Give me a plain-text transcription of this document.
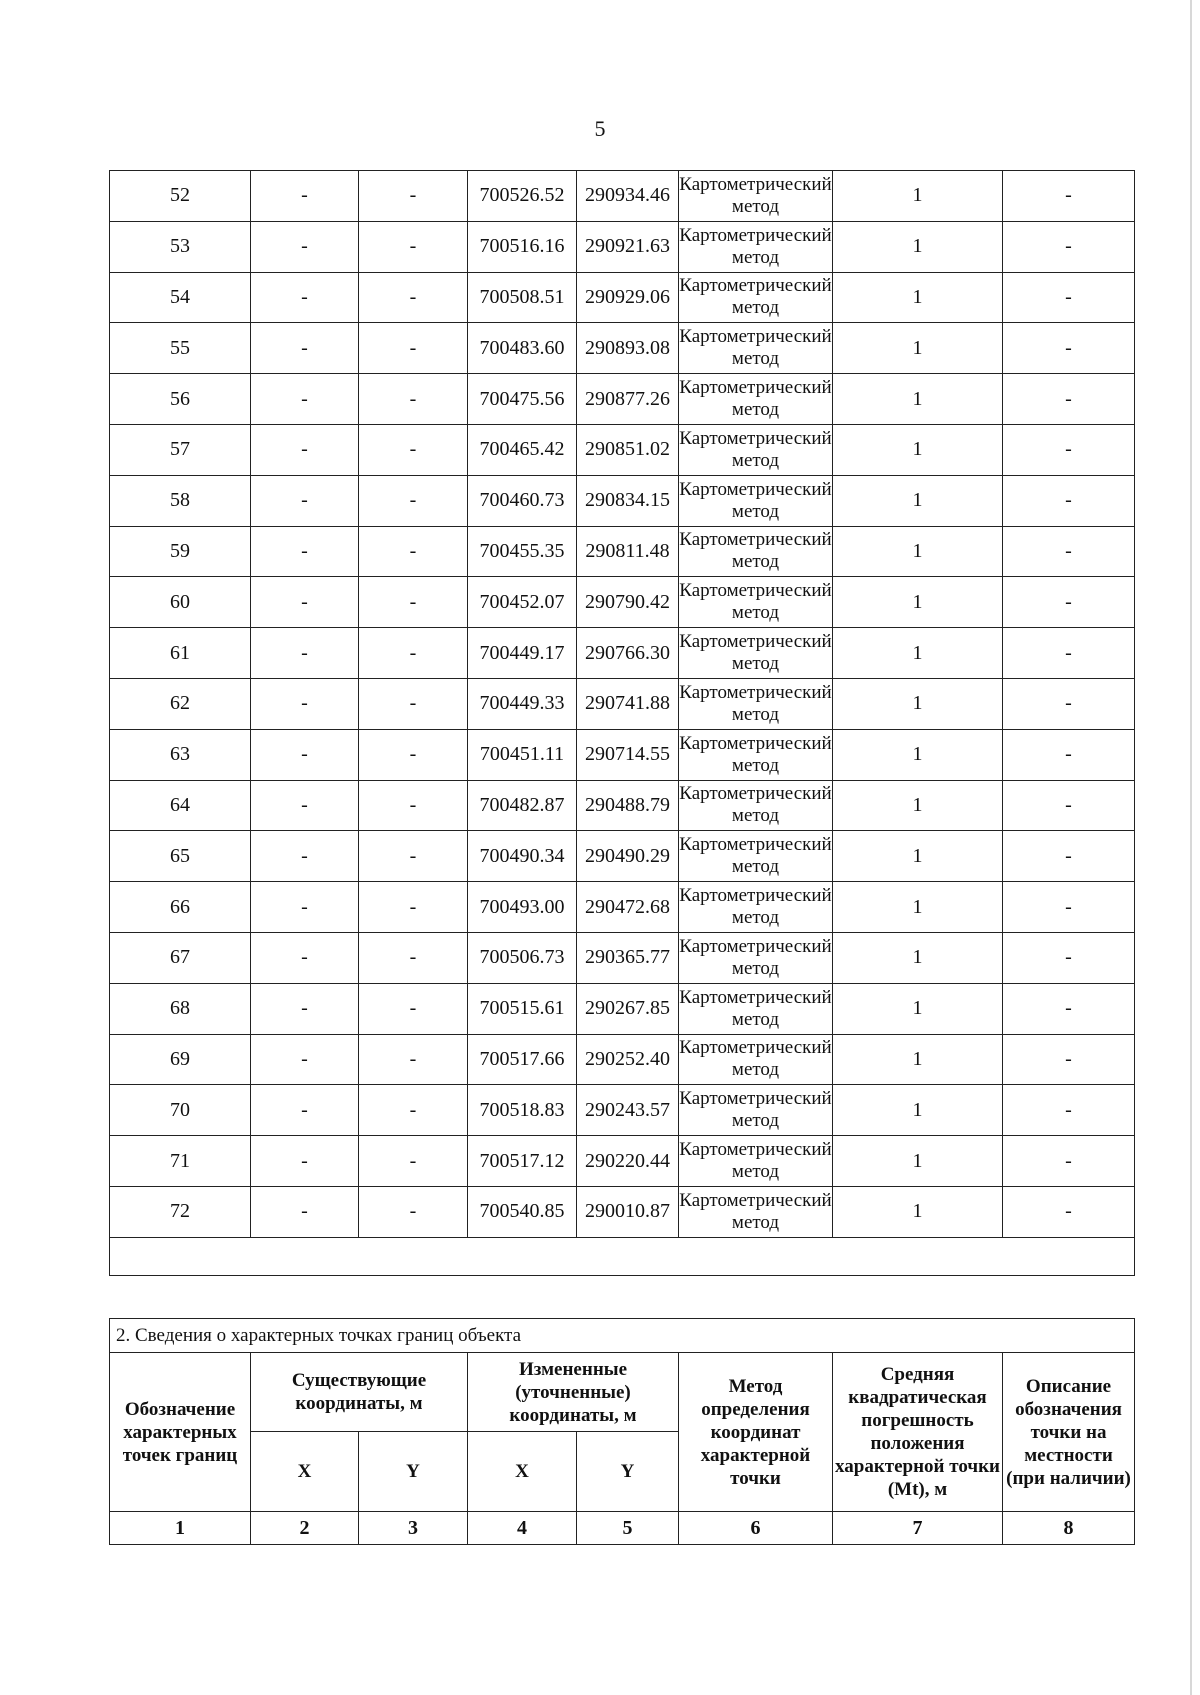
5
52	-	-	700526.52	290934.46	Картометрический метод	1	-
53	-	-	700516.16	290921.63	Картометрический метод	1	-
54	-	-	700508.51	290929.06	Картометрический метод	1	-
55	-	-	700483.60	290893.08	Картометрический метод	1	-
56	-	-	700475.56	290877.26	Картометрический метод	1	-
57	-	-	700465.42	290851.02	Картометрический метод	1	-
58	-	-	700460.73	290834.15	Картометрический метод	1	-
59	-	-	700455.35	290811.48	Картометрический метод	1	-
60	-	-	700452.07	290790.42	Картометрический метод	1	-
61	-	-	700449.17	290766.30	Картометрический метод	1	-
62	-	-	700449.33	290741.88	Картометрический метод	1	-
63	-	-	700451.11	290714.55	Картометрический метод	1	-
64	-	-	700482.87	290488.79	Картометрический метод	1	-
65	-	-	700490.34	290490.29	Картометрический метод	1	-
66	-	-	700493.00	290472.68	Картометрический метод	1	-
67	-	-	700506.73	290365.77	Картометрический метод	1	-
68	-	-	700515.61	290267.85	Картометрический метод	1	-
69	-	-	700517.66	290252.40	Картометрический метод	1	-
70	-	-	700518.83	290243.57	Картометрический метод	1	-
71	-	-	700517.12	290220.44	Картометрический метод	1	-
72	-	-	700540.85	290010.87	Картометрический метод	1	-

2. Сведения о характерных точках границ объекта							
Обозначение характерных точек границ	Существующие координаты, м		Измененные (уточненные) координаты, м		Метод определения координат характерной точки	Средняя квадратическая погрешность положения характерной точки (Mt), м	Описание обозначения точки на местности (при наличии)
	X	Y	X	Y			
1	2	3	4	5	6	7	8
